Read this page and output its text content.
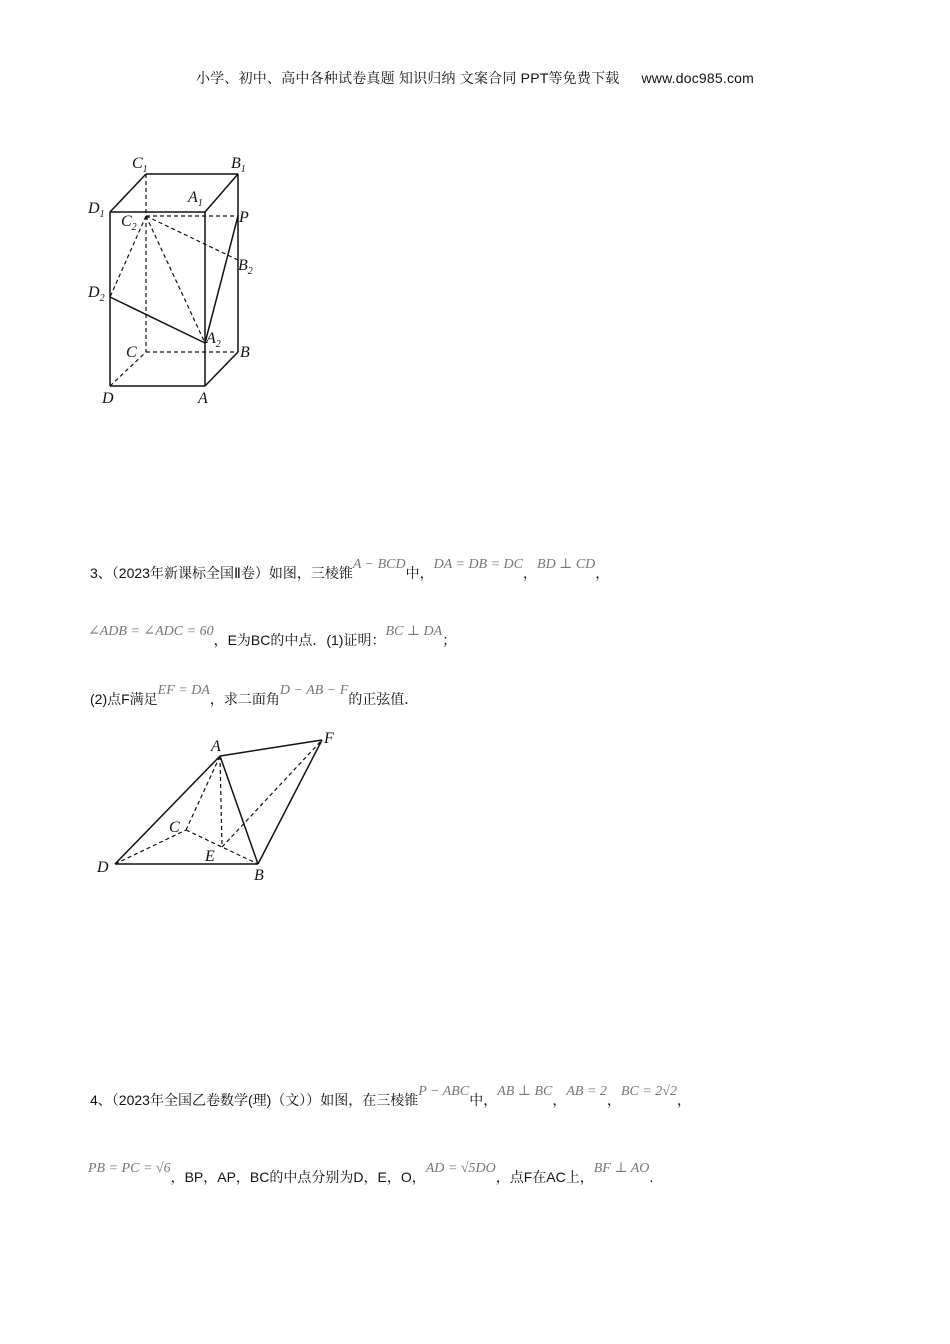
小学、初中、高中各种试卷真题 知识归纳 文案合同 PPT等免费下载 www.doc985.com
$C_1$	$B_1$
$A_1$
$D_1$ $C_2$
P
$B_2$
$D_2$
$A_2$
C	B
D	A
3、（2023年新课标全国Ⅱ卷）如图，三棱锥A − BCD中，DA = DB = DC，BD ⊥ CD，
∠ADB = ∠ADC = 60，E为BC的中点．(1)证明：BC ⊥ DA；
(2)点F满足EF = DA，求二面角D − AB − F的正弦值．
A	F
C
E
D	B
4、（2023年全国乙卷数学(理)（文））如图，在三棱锥P − ABC中，AB ⊥ BC，AB = 2，BC = 2√2，
PB = PC = √6，BP，AP，BC的中点分别为D，E，O，AD = √5DO，点F在AC上，BF ⊥ AO.
